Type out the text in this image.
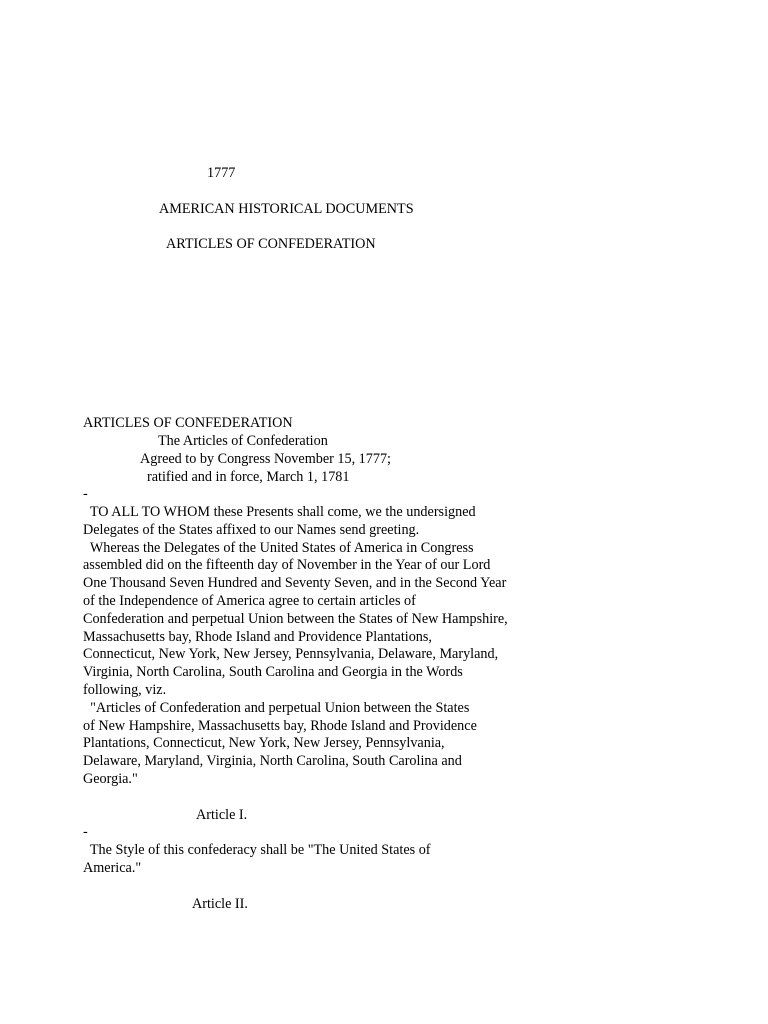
1777

AMERICAN HISTORICAL DOCUMENTS

ARTICLES OF CONFEDERATION

ARTICLES OF CONFEDERATION

The Articles of Confederation

Agreed to by Congress November 15, 1777;

ratified and in force, March 1, 1781

-

TO ALL TO WHOM these Presents shall come, we the undersigned

Delegates of the States affixed to our Names send greeting.

Whereas the Delegates of the United States of America in Congress

assembled did on the fifteenth day of November in the Year of our Lord

One Thousand Seven Hundred and Seventy Seven, and in the Second Year

of the Independence of America agree to certain articles of

Confederation and perpetual Union between the States of New Hampshire,

Massachusetts bay, Rhode Island and Providence Plantations,

Connecticut, New York, New Jersey, Pennsylvania, Delaware, Maryland,

Virginia, North Carolina, South Carolina and Georgia in the Words

following, viz.

"Articles of Confederation and perpetual Union between the States

of New Hampshire, Massachusetts bay, Rhode Island and Providence

Plantations, Connecticut, New York, New Jersey, Pennsylvania,

Delaware, Maryland, Virginia, North Carolina, South Carolina and

Georgia."

Article I.

-

The Style of this confederacy shall be "The United States of

America."

Article II.
